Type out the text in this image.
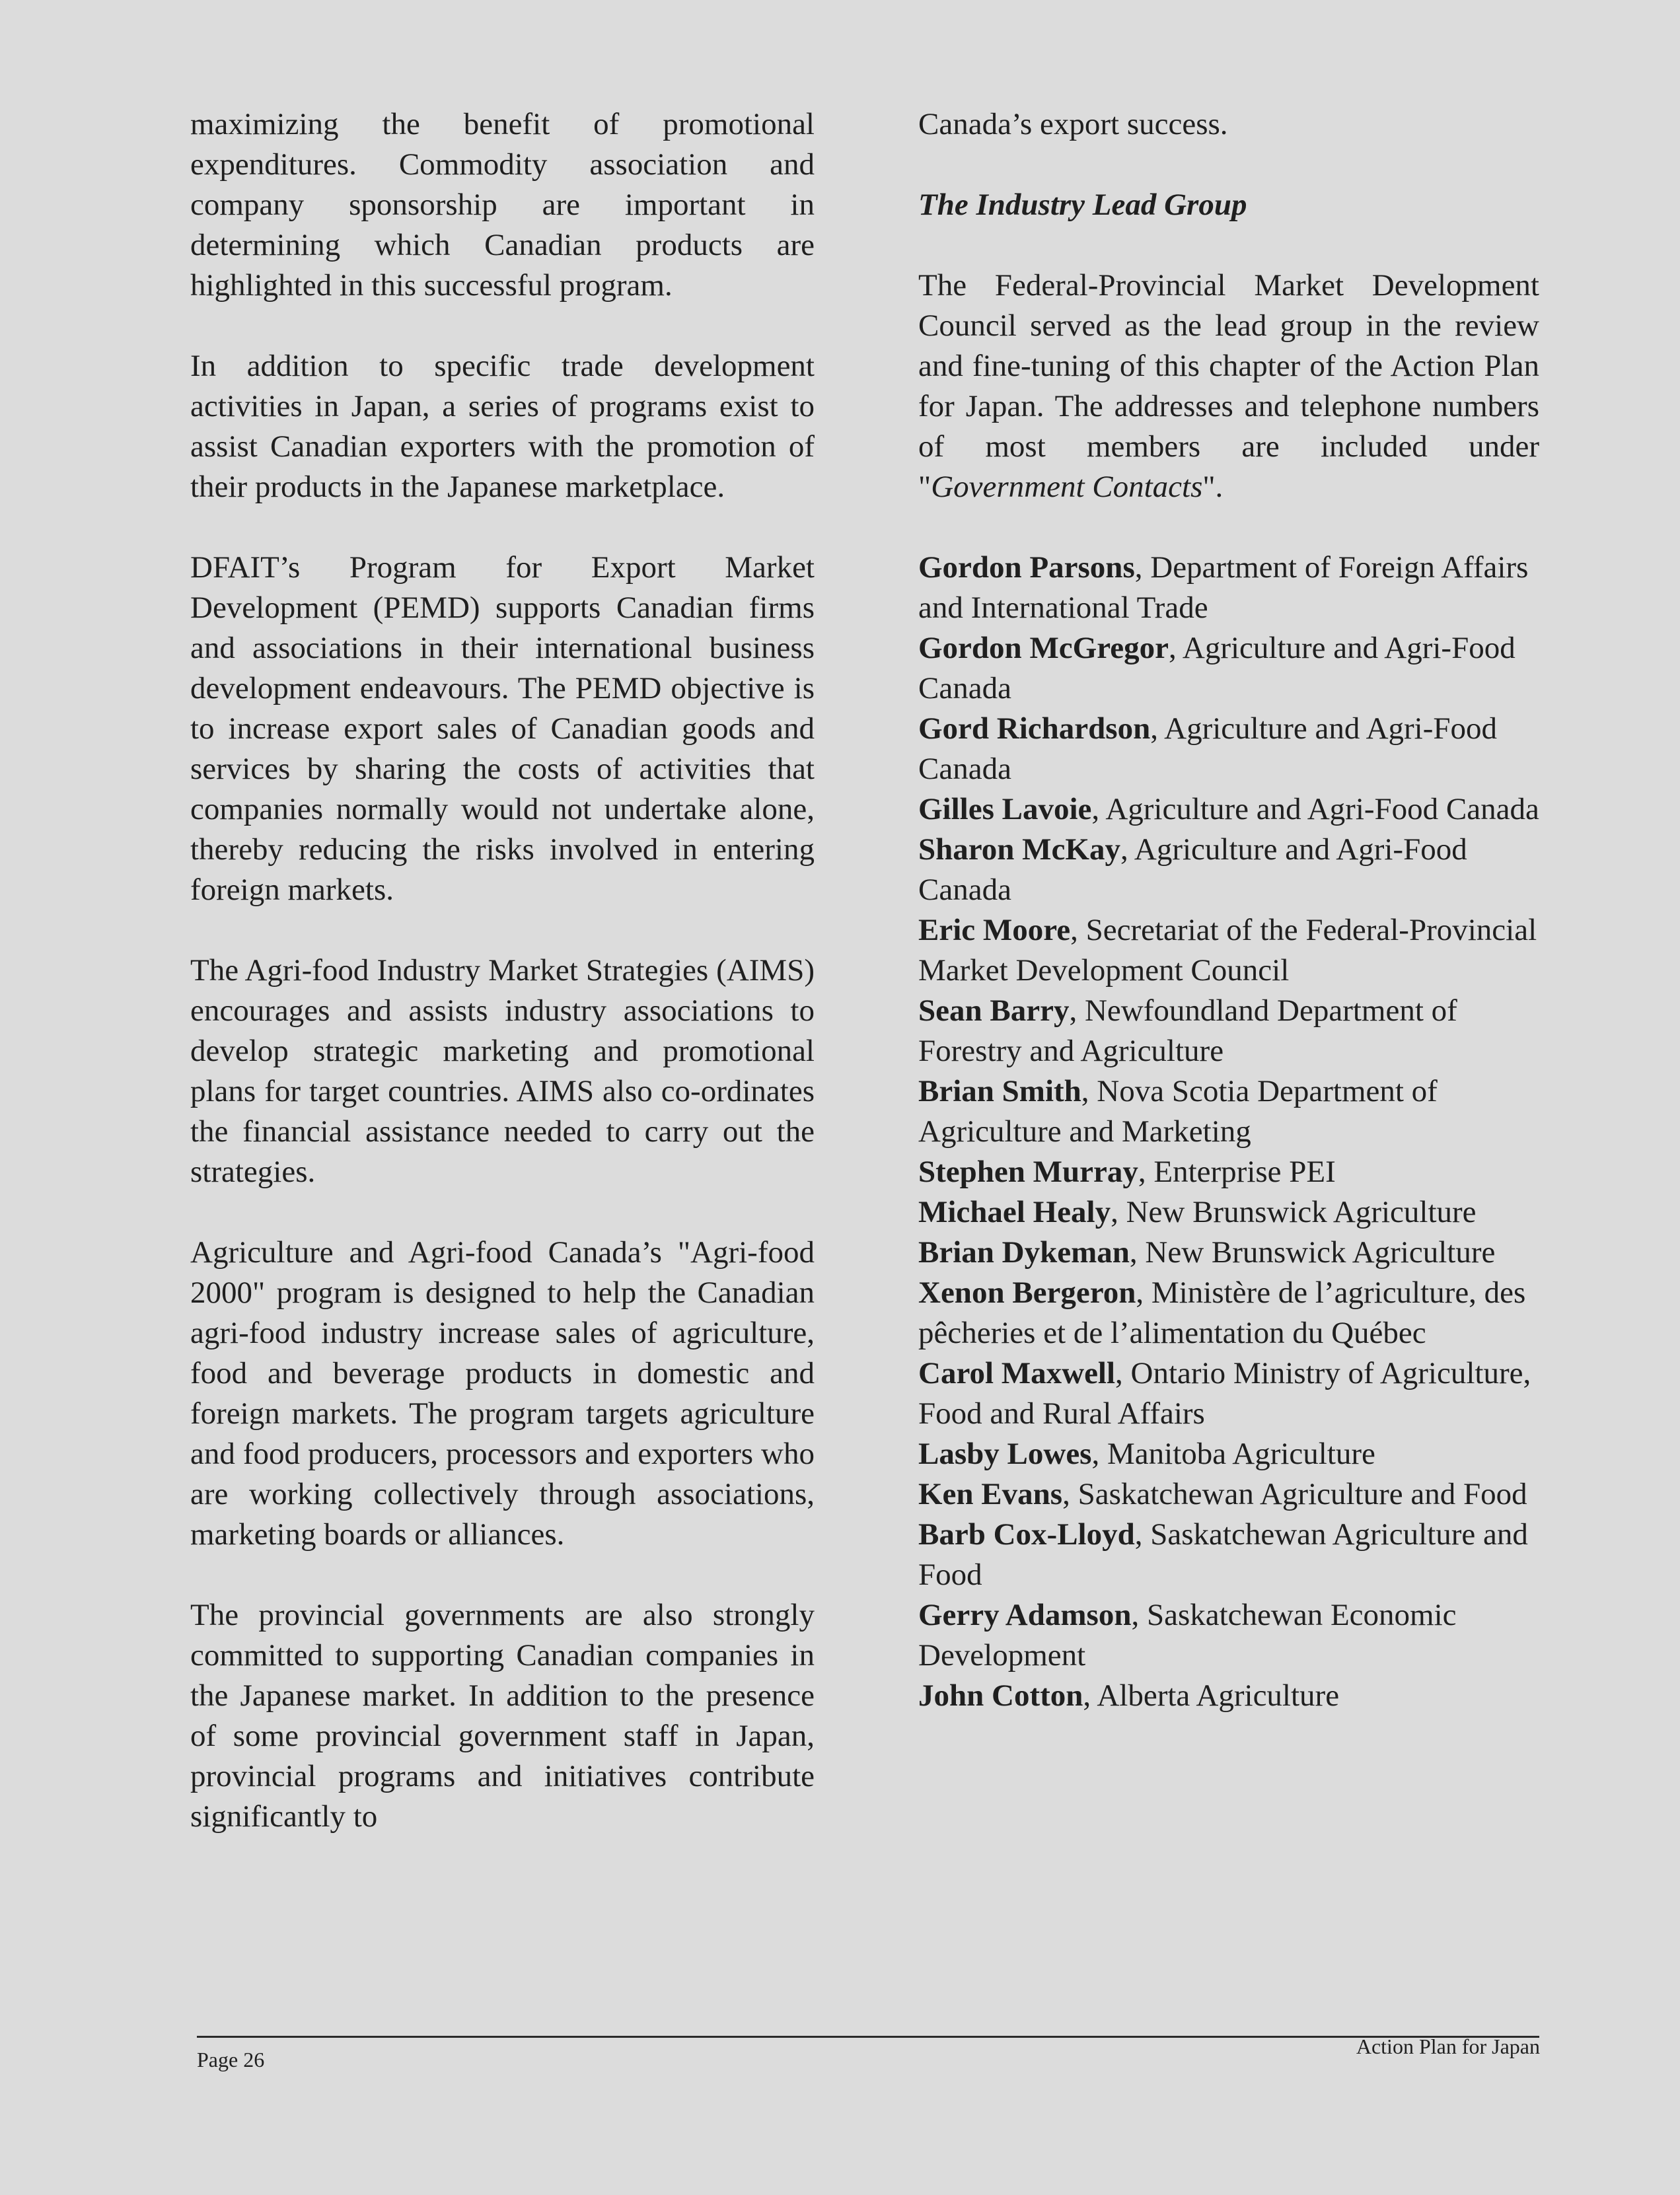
maximizing the benefit of promotional expenditures. Commodity association and company sponsorship are important in determining which Canadian products are highlighted in this successful program.

In addition to specific trade development activities in Japan, a series of programs exist to assist Canadian exporters with the promotion of their products in the Japanese marketplace.

DFAIT’s Program for Export Market Development (PEMD) supports Canadian firms and associations in their international business development endeavours. The PEMD objective is to increase export sales of Canadian goods and services by sharing the costs of activities that companies normally would not undertake alone, thereby reducing the risks involved in entering foreign markets.

The Agri-food Industry Market Strategies (AIMS) encourages and assists industry associations to develop strategic marketing and promotional plans for target countries. AIMS also co-ordinates the financial assistance needed to carry out the strategies.

Agriculture and Agri-food Canada’s "Agri-food 2000" program is designed to help the Canadian agri-food industry increase sales of agriculture, food and beverage products in domestic and foreign markets. The program targets agriculture and food producers, processors and exporters who are working collectively through associations, marketing boards or alliances.

The provincial governments are also strongly committed to supporting Canadian companies in the Japanese market. In addition to the presence of some provincial government staff in Japan, provincial programs and initiatives contribute significantly to

Canada’s export success.

The Industry Lead Group

The Federal-Provincial Market Development Council served as the lead group in the review and fine-tuning of this chapter of the Action Plan for Japan. The addresses and telephone numbers of most members are included under "Government Contacts".

Gordon Parsons, Department of Foreign Affairs and International Trade
Gordon McGregor, Agriculture and Agri-Food Canada
Gord Richardson, Agriculture and Agri-Food Canada
Gilles Lavoie, Agriculture and Agri-Food Canada
Sharon McKay, Agriculture and Agri-Food Canada
Eric Moore, Secretariat of the Federal-Provincial Market Development Council
Sean Barry, Newfoundland Department of Forestry and Agriculture
Brian Smith, Nova Scotia Department of Agriculture and Marketing
Stephen Murray, Enterprise PEI
Michael Healy, New Brunswick Agriculture
Brian Dykeman, New Brunswick Agriculture
Xenon Bergeron, Ministère de l’agriculture, des pêcheries et de l’alimentation du Québec
Carol Maxwell, Ontario Ministry of Agriculture, Food and Rural Affairs
Lasby Lowes, Manitoba Agriculture
Ken Evans, Saskatchewan Agriculture and Food
Barb Cox-Lloyd, Saskatchewan Agriculture and Food
Gerry Adamson, Saskatchewan Economic Development
John Cotton, Alberta Agriculture
Page 26
Action Plan for Japan
